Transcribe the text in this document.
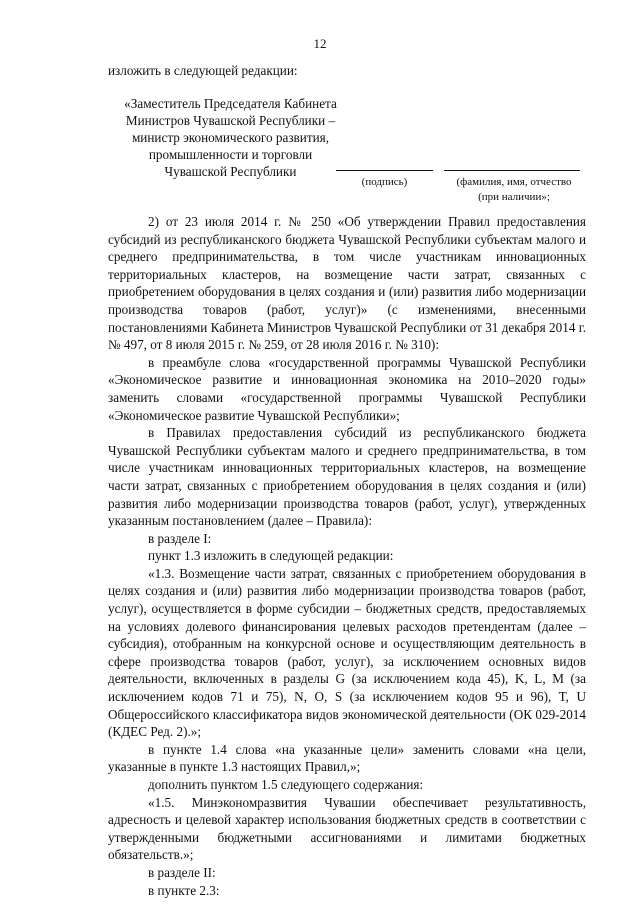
12
изложить в следующей редакции:
«Заместитель Председателя Кабинета
Министров Чувашской Республики –
министр экономического развития,
промышленности и торговли
Чувашской Республики
(подпись)	(фамилия, имя, отчество
(при наличии»;

2) от 23 июля 2014 г. № 250 «Об утверждении Правил предоставления субсидий из республиканского бюджета Чувашской Республики субъектам малого и среднего предпринимательства, в том числе участникам инновационных территориальных кластеров, на возмещение части затрат, связанных с приобретением оборудования в целях создания и (или) развития либо модернизации производства товаров (работ, услуг)» (с изменениями, внесенными постановлениями Кабинета Министров Чувашской Республики от 31 декабря 2014 г. № 497, от 8 июля 2015 г. № 259, от 28 июля 2016 г. № 310):

в преамбуле слова «государственной программы Чувашской Республики «Экономическое развитие и инновационная экономика на 2010–2020 годы» заменить словами «государственной программы Чувашской Республики «Экономическое развитие Чувашской Республики»;

в Правилах предоставления субсидий из республиканского бюджета Чувашской Республики субъектам малого и среднего предпринимательства, в том числе участникам инновационных территориальных кластеров, на возмещение части затрат, связанных с приобретением оборудования в целях создания и (или) развития либо модернизации производства товаров (работ, услуг), утвержденных указанным постановлением (далее – Правила):

в разделе I:

пункт 1.3 изложить в следующей редакции:

«1.3. Возмещение части затрат, связанных с приобретением оборудования в целях создания и (или) развития либо модернизации производства товаров (работ, услуг), осуществляется в форме субсидии – бюджетных средств, предоставляемых на условиях долевого финансирования целевых расходов претендентам (далее – субсидия), отобранным на конкурсной основе и осуществляющим деятельность в сфере производства товаров (работ, услуг), за исключением основных видов деятельности, включенных в разделы G (за исключением кода 45), K, L, M (за исключением кодов 71 и 75), N, O, S (за исключением кодов 95 и 96), T, U Общероссийского классификатора видов экономической деятельности (ОК 029-2014 (КДЕС Ред. 2).»;

в пункте 1.4 слова «на указанные цели» заменить словами «на цели, указанные в пункте 1.3 настоящих Правил,»;

дополнить пунктом 1.5 следующего содержания:

«1.5. Минэкономразвития Чувашии обеспечивает результативность, адресность и целевой характер использования бюджетных средств в соответствии с утвержденными бюджетными ассигнованиями и лимитами бюджетных обязательств.»;

в разделе II:

в пункте 2.3:
